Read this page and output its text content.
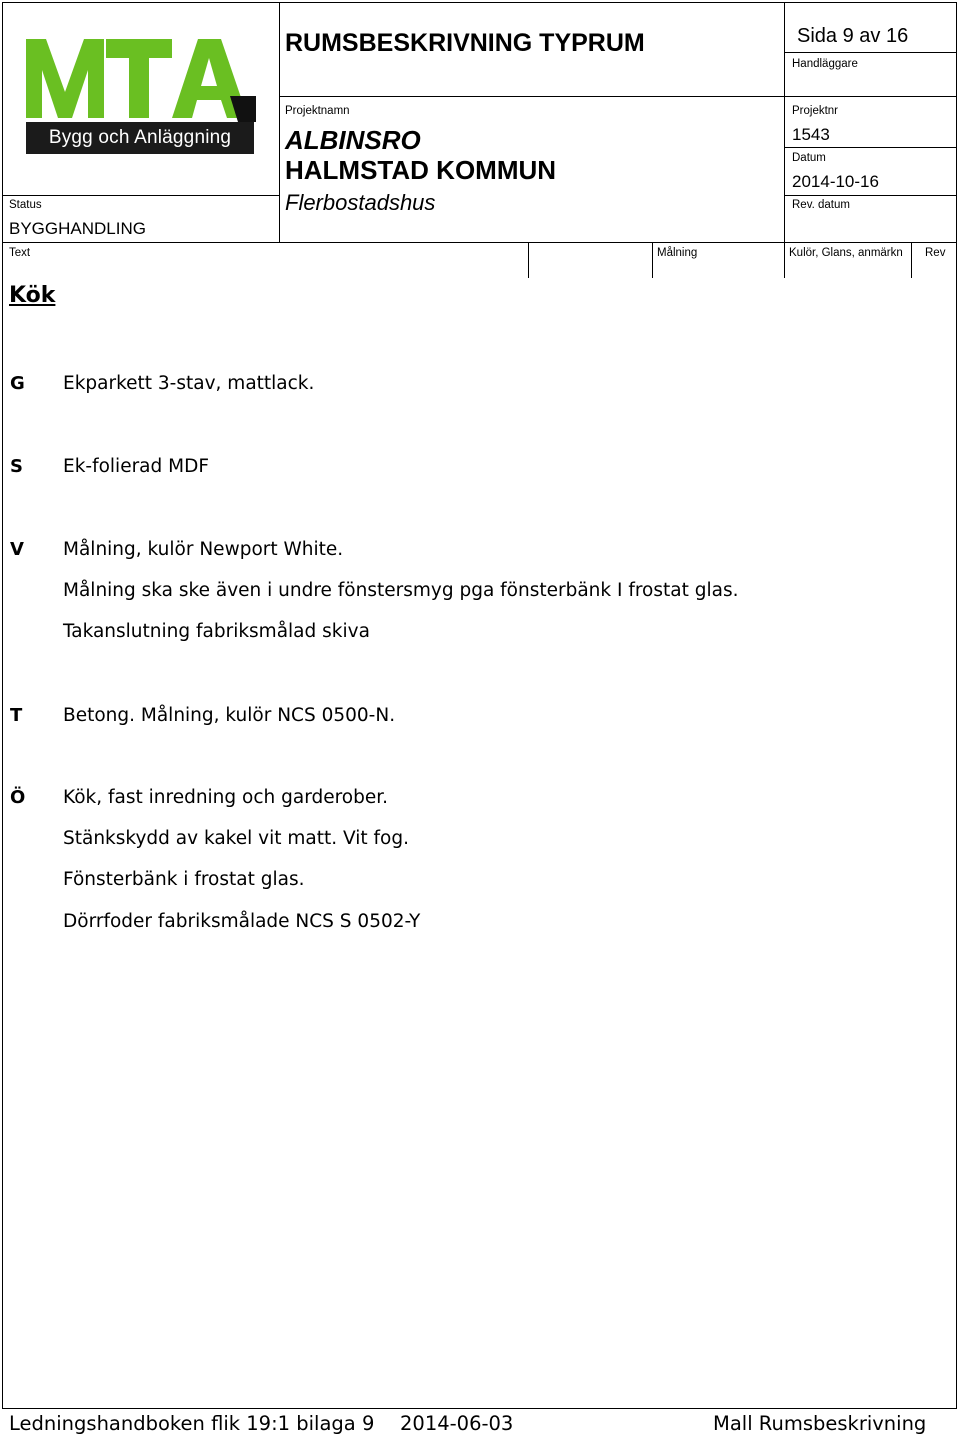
Bygg och Anläggning
RUMSBESKRIVNING TYPRUM	Sida 9 av 16
Handläggare
Projektnamn
ALBINSRO
HALMSTAD KOMMUN
Flerbostadshus
Projektnr
1543
Datum
2014-10-16
Rev. datum
Status
BYGGHANDLING
Text	Målning	Kulör, Glans, anmärkn Rev
Kök
G Ekparkett 3-stav, mattlack.
S Ek-folierad MDF
V Målning, kulör Newport White.
Målning ska ske även i undre fönstersmyg pga fönsterbänk I frostat glas.
Takanslutning fabriksmålad skiva
T Betong. Målning, kulör NCS 0500-N.
Ö Kök, fast inredning och garderober.
Stänkskydd av kakel vit matt. Vit fog.
Fönsterbänk i frostat glas.
Dörrfoder fabriksmålade NCS S 0502-Y
Ledningshandboken flik 19:1 bilaga 9 2014-06-03	Mall Rumsbeskrivning
